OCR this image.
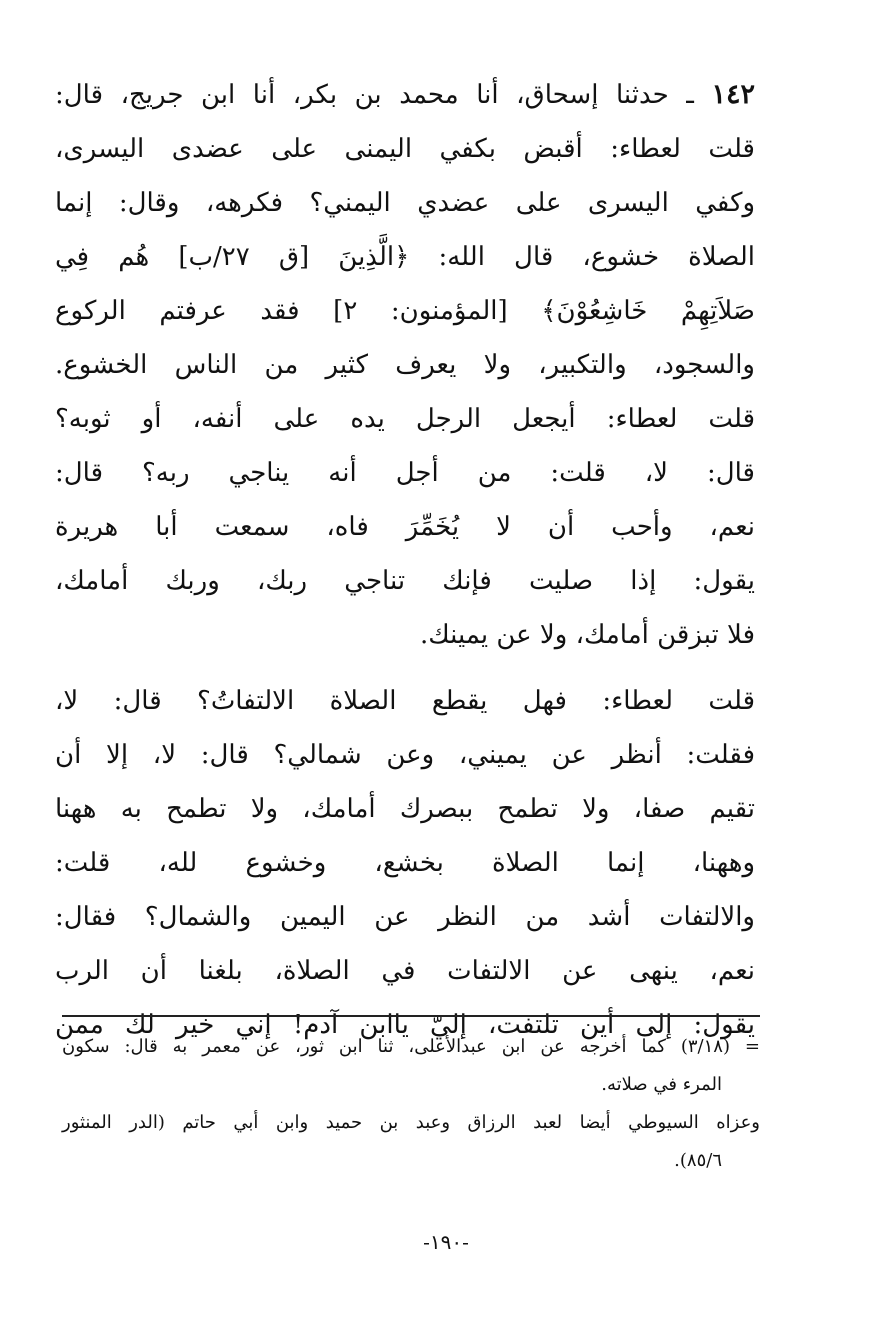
١٤٢ ـ حدثنا إسحاق، أنا محمد بن بكر، أنا ابن جريج، قال:
قلت لعطاء: أقبض بكفي اليمنى على عضدى اليسرى،
وكفي اليسرى على عضدي اليمني؟ فكرهه، وقال: إنما
الصلاة خشوع، قال الله: ﴿الَّذِينَ [ق ٢٧/ب] هُم فِي
صَلاَتِهِمْ خَاشِعُوْنَ﴾ [المؤمنون: ٢] فقد عرفتم الركوع
والسجود، والتكبير، ولا يعرف كثير من الناس الخشوع.
قلت لعطاء: أيجعل الرجل يده على أنفه، أو ثوبه؟
قال: لا، قلت: من أجل أنه يناجي ربه؟ قال:
نعم، وأحب أن لا يُخَمِّرَ فاه، سمعت أبا هريرة
يقول: إذا صليت فإنك تناجي ربك، وربك أمامك،
فلا تبزقن أمامك، ولا عن يمينك.
قلت لعطاء: فهل يقطع الصلاة الالتفاتُ؟ قال: لا،
فقلت: أنظر عن يميني، وعن شمالي؟ قال: لا، إلا أن
تقيم صفا، ولا تطمح ببصرك أمامك، ولا تطمح به ههنا
وههنا، إنما الصلاة بخشع، وخشوع لله، قلت:
والالتفات أشد من النظر عن اليمين والشمال؟ فقال:
نعم، ينهى عن الالتفات في الصلاة، بلغنا أن الرب
يقول: إلى أين تلتفت، إليّ ياابن آدم! إني خير لك ممن
= (٣/١٨) كما أخرجه عن ابن عبدالأعلى، ثنا ابن ثور، عن معمر به قال: سكون
المرء في صلاته.
وعزاه السيوطي أيضا لعبد الرزاق وعبد بن حميد وابن أبي حاتم (الدر المنثور
٨٥/٦).
-١٩٠-
